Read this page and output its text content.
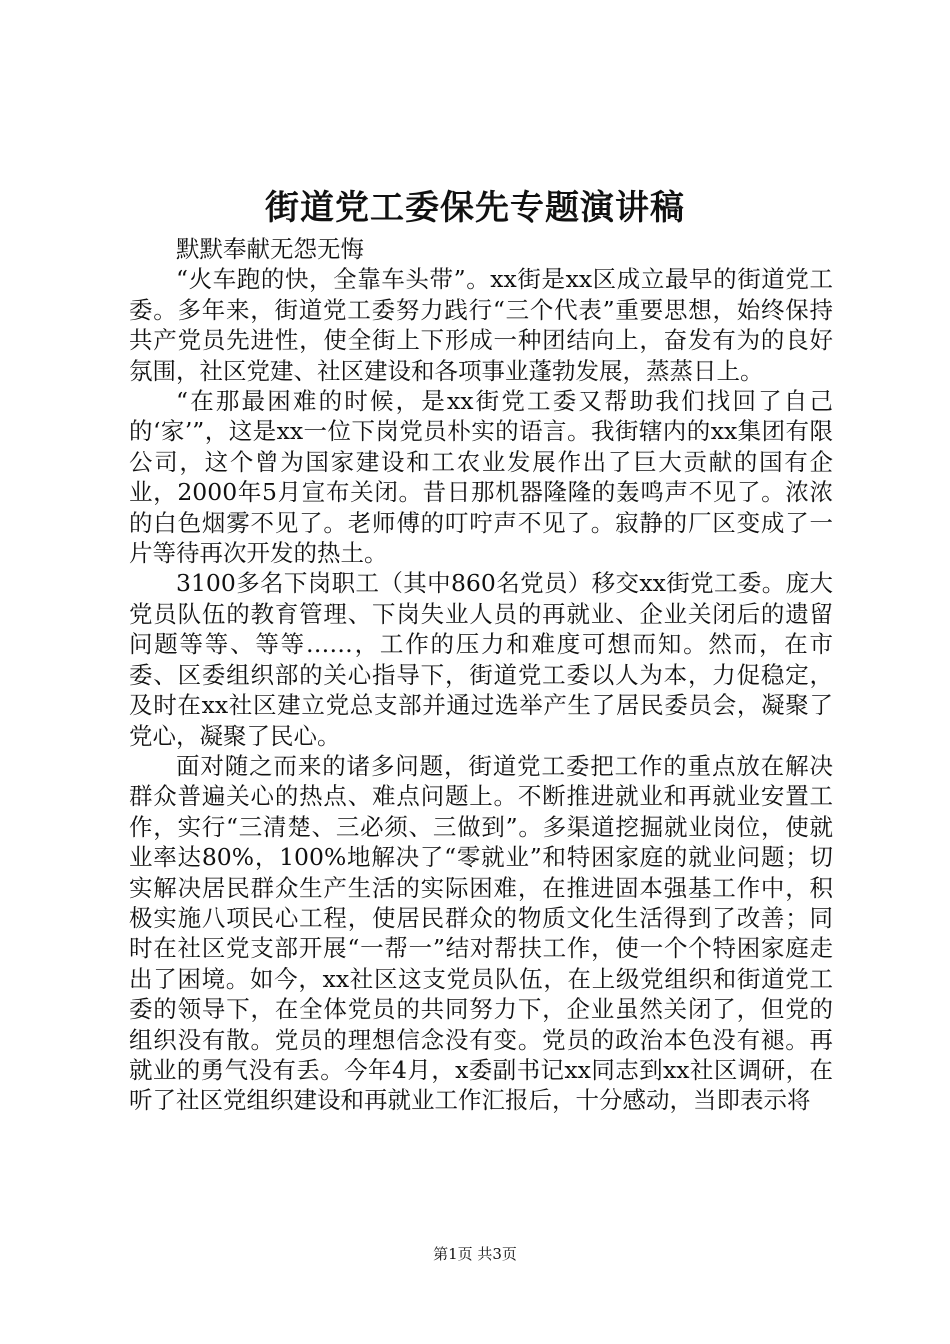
街道党工委保先专题演讲稿

默默奉献无怨无悔

“火车跑的快，全靠车头带”。xx街是xx区成立最早的街道党工委。多年来，街道党工委努力践行“三个代表”重要思想，始终保持共产党员先进性，使全街上下形成一种团结向上，奋发有为的良好氛围，社区党建、社区建设和各项事业蓬勃发展，蒸蒸日上。

“在那最困难的时候，是xx街党工委又帮助我们找回了自己的‘家’”，这是xx一位下岗党员朴实的语言。我街辖内的xx集团有限公司，这个曾为国家建设和工农业发展作出了巨大贡献的国有企业，2000年5月宣布关闭。昔日那机器隆隆的轰鸣声不见了。浓浓的白色烟雾不见了。老师傅的叮咛声不见了。寂静的厂区变成了一片等待再次开发的热土。

3100多名下岗职工（其中860名党员）移交xx街党工委。庞大党员队伍的教育管理、下岗失业人员的再就业、企业关闭后的遗留问题等等、等等……，工作的压力和难度可想而知。然而，在市委、区委组织部的关心指导下，街道党工委以人为本，力促稳定，及时在xx社区建立党总支部并通过选举产生了居民委员会，凝聚了党心，凝聚了民心。

面对随之而来的诸多问题，街道党工委把工作的重点放在解决群众普遍关心的热点、难点问题上。不断推进就业和再就业安置工作，实行“三清楚、三必须、三做到”。多渠道挖掘就业岗位，使就业率达80%，100%地解决了“零就业”和特困家庭的就业问题；切实解决居民群众生产生活的实际困难，在推进固本强基工作中，积极实施八项民心工程，使居民群众的物质文化生活得到了改善；同时在社区党支部开展“一帮一”结对帮扶工作，使一个个特困家庭走出了困境。如今，xx社区这支党员队伍，在上级党组织和街道党工委的领导下，在全体党员的共同努力下，企业虽然关闭了，但党的组织没有散。党员的理想信念没有变。党员的政治本色没有褪。再就业的勇气没有丢。今年4月，x委副书记xx同志到xx社区调研，在听了社区党组织建设和再就业工作汇报后，十分感动，当即表示将

第1页 共3页
